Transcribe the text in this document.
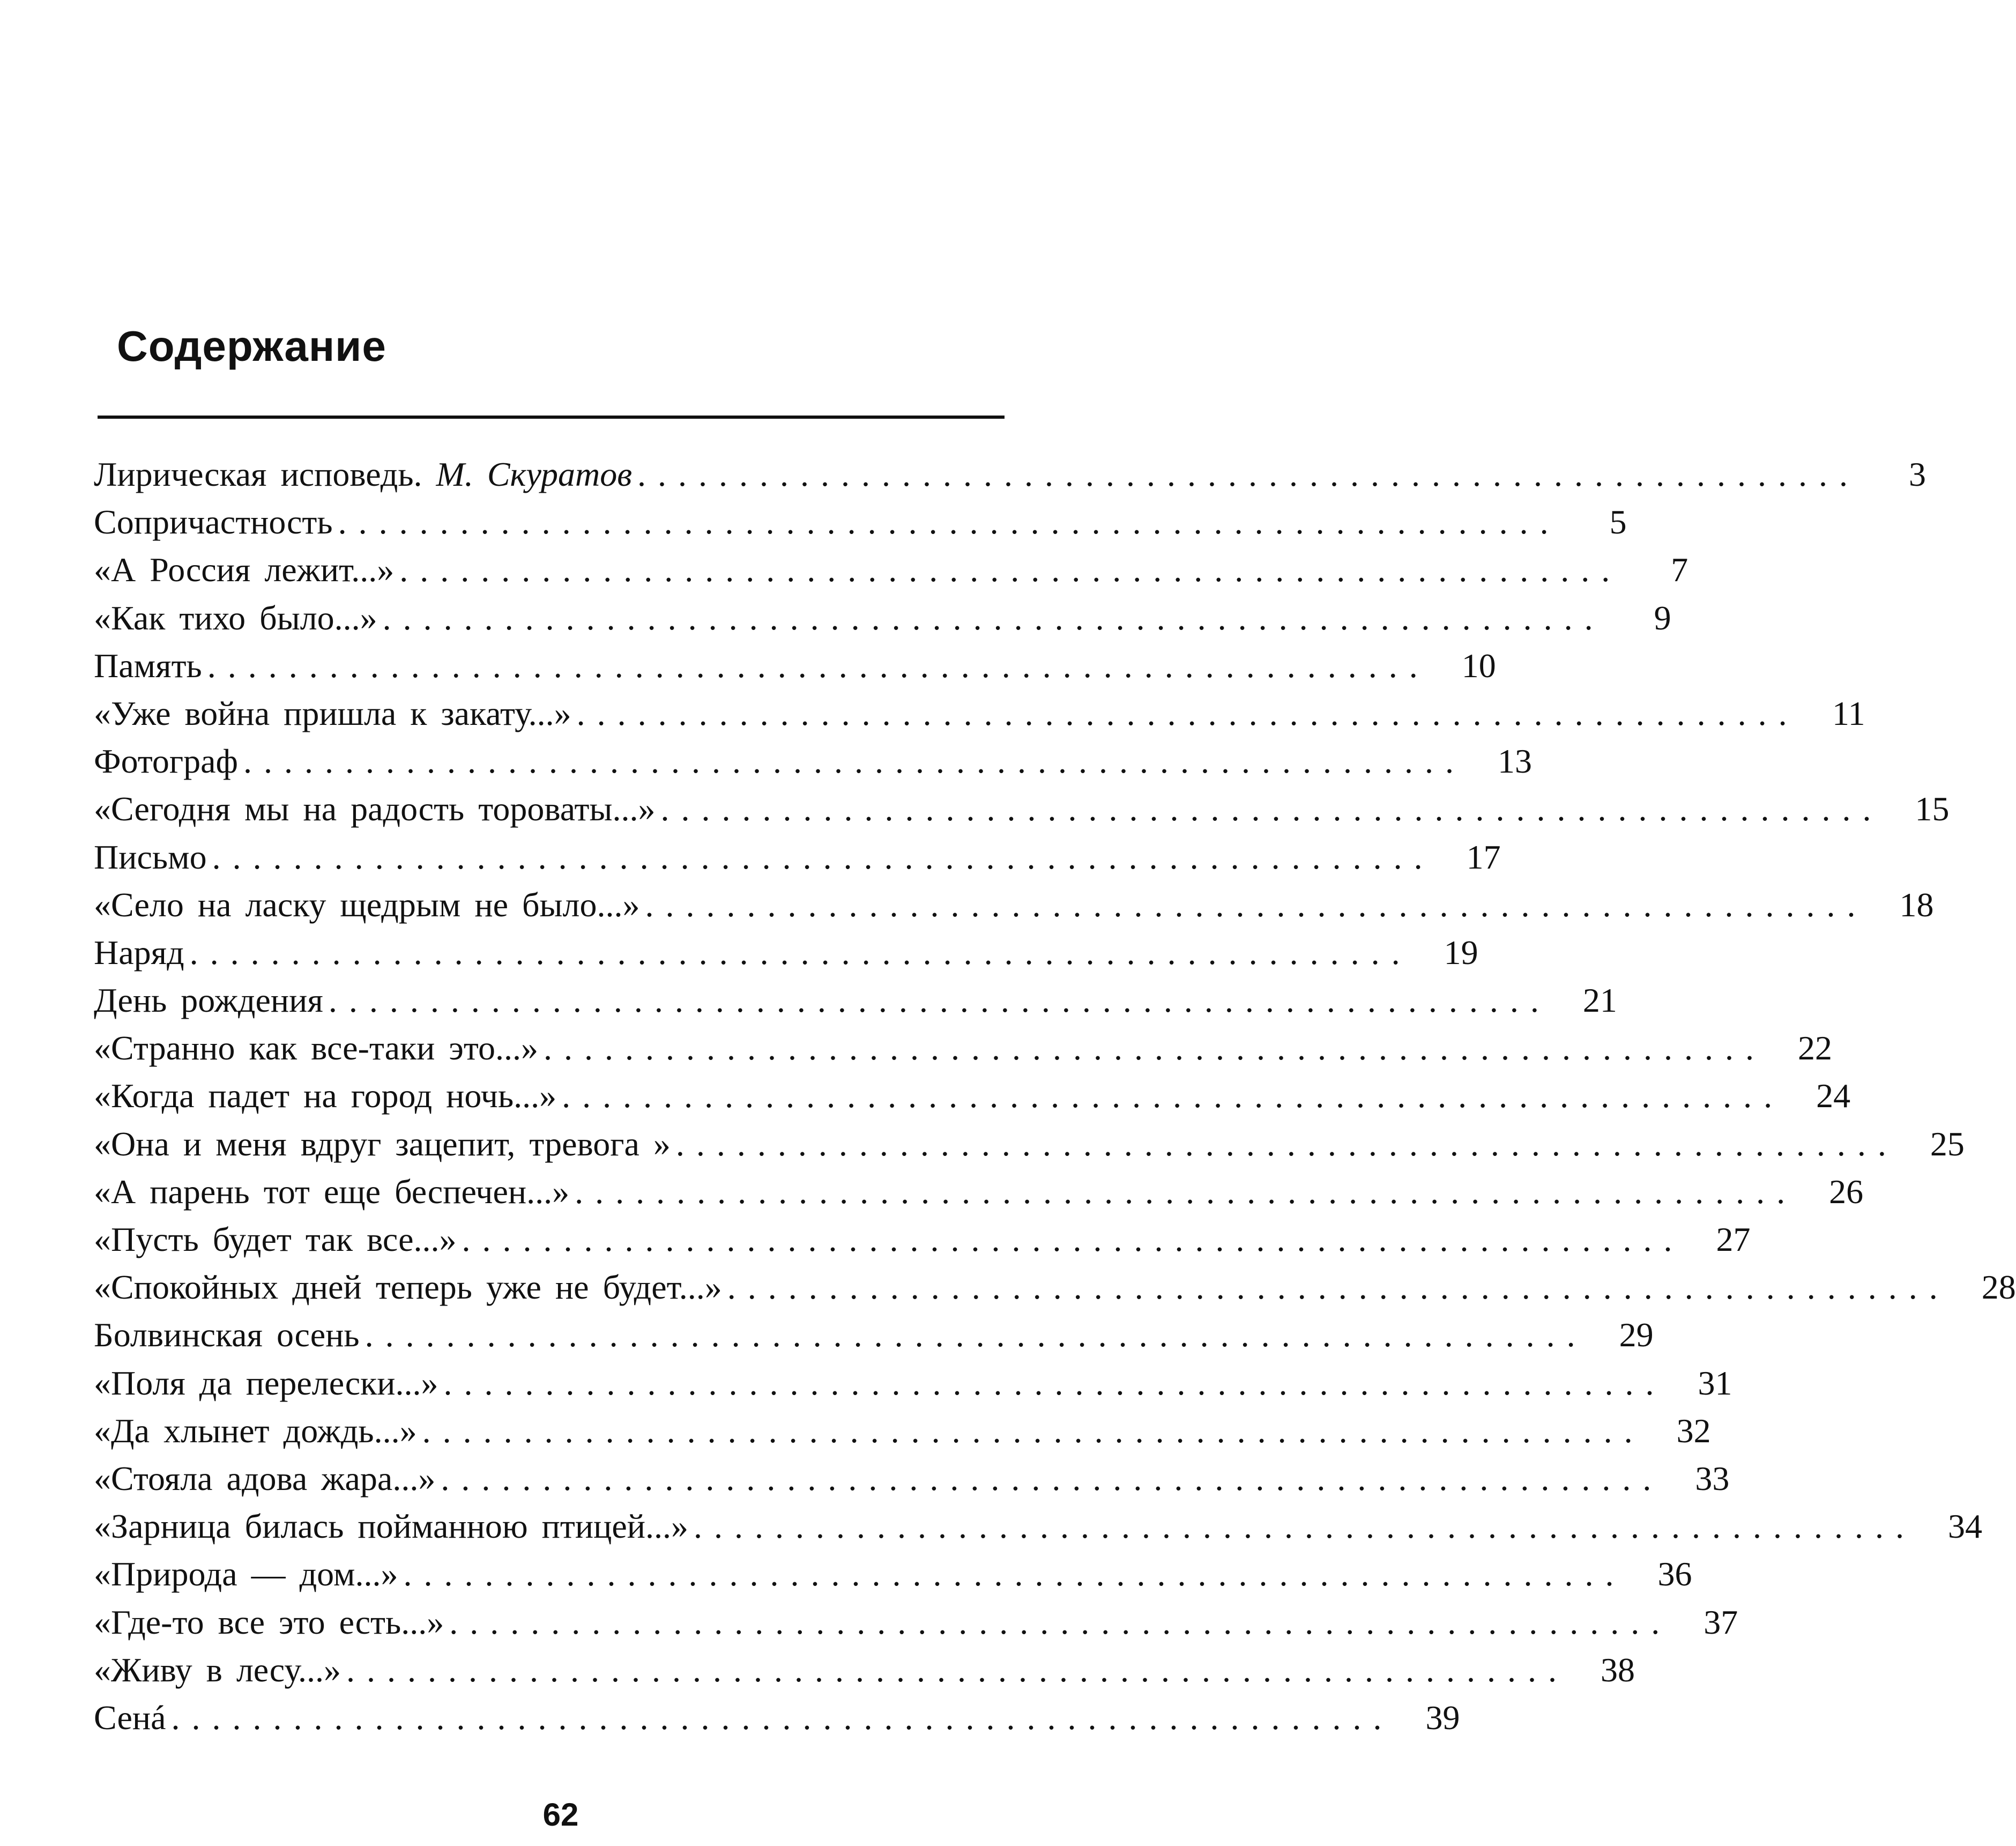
Содержание
Лирическая исповедь. М. Скуратов ............................................................	3
Сопричастность ............................................................	5
«А Россия лежит...» ............................................................	7
«Как тихо было...» ............................................................	9
Память ............................................................ 10
«Уже война пришла к закату...» ............................................................ 11
Фотограф ............................................................ 13
«Сегодня мы на радость тороваты...» ............................................................ 15
Письмо ............................................................ 17
«Село на ласку щедрым не было...» ............................................................ 18
Наряд ............................................................ 19
День рождения ............................................................ 21
«Странно как все-таки это...» ............................................................ 22
«Когда падет на город ночь...» ............................................................ 24
«Она и меня вдруг зацепит, тревога » ............................................................ 25
«А парень тот еще беспечен...» ............................................................ 26
«Пусть будет так все...» ............................................................ 27
«Спокойных дней теперь уже не будет...» ............................................................ 28
Болвинская осень ............................................................ 29
«Поля да перелески...» ............................................................ 31
«Да хлынет дождь...» ............................................................ 32
«Стояла адова жара...» ............................................................ 33
«Зарница билась пойманною птицей...» ............................................................ 34
«Природа — дом...» ............................................................ 36
«Где-то все это есть...» ............................................................ 37
«Живу в лесу...» ............................................................ 38
Сенá ............................................................ 39
62
